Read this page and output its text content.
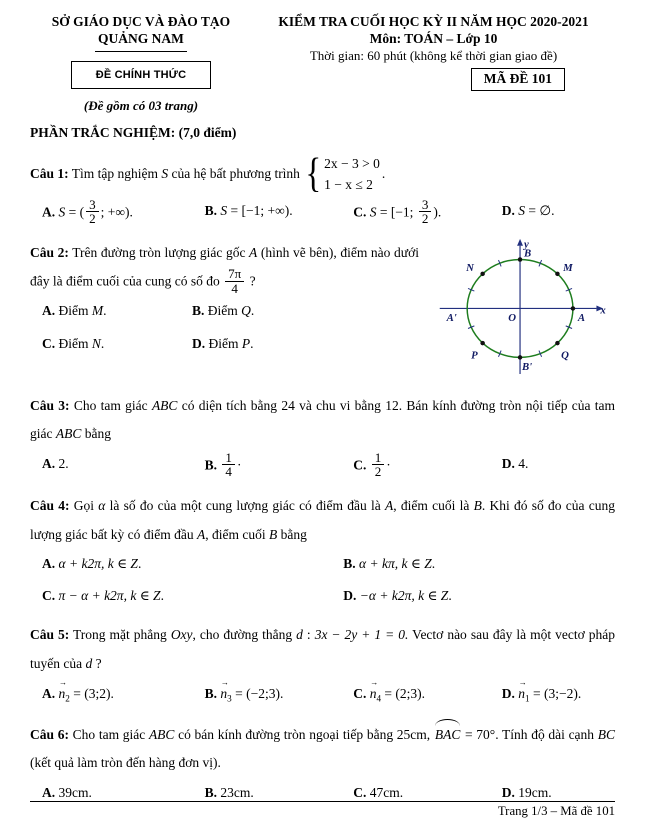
SỞ GIÁO DỤC VÀ ĐÀO TẠO
QUẢNG NAM
ĐỀ CHÍNH THỨC
(Đề gồm có 03 trang)
KIỂM TRA CUỐI HỌC KỲ II NĂM HỌC 2020-2021
Môn: TOÁN – Lớp 10
Thời gian: 60 phút (không kể thời gian giao đề)
MÃ ĐỀ 101
PHẦN TRẮC NGHIỆM: (7,0 điểm)
Câu 1: Tìm tập nghiệm S của hệ bất phương trình { 2x − 3 > 0
1 − x ≤ 2
.
A. S = ( $\frac{3}{2}$ ; +∞).	B. S = [−1; +∞).	C. S = [−1; $\frac{3}{2}$ ).	D. S = ∅.
A
B
A'
B'
M
N
P	Q
O
x
y
Câu 2: Trên đường tròn lượng giác gốc A (hình vẽ bên), điểm nào dưới đây là điểm cuối của cung có số đo $\frac{7\pi}{4}$ ?
A. Điểm M.	B. Điểm Q.
C. Điểm N.	D. Điểm P.
Câu 3: Cho tam giác ABC có diện tích bằng 24 và chu vi bằng 12. Bán kính đường tròn nội tiếp của tam giác ABC bằng
A. 2.	B. $\frac{1}{4}$ ·	C. $\frac{1}{2}$ ·	D. 4.
Câu 4: Gọi α là số đo của một cung lượng giác có điểm đầu là A, điểm cuối là B. Khi đó số đo của cung lượng giác bất kỳ có điểm đầu A, điểm cuối B bằng
A. α + k2π, k ∈ Z.	B. α + kπ, k ∈ Z.
C. π − α + k2π, k ∈ Z.	D. −α + k2π, k ∈ Z.
Câu 5: Trong mặt phẳng Oxy, cho đường thẳng d : 3x − 2y + 1 = 0. Vectơ nào sau đây là một vectơ pháp tuyến của d ?
A. → $n_2$ = (3;2).	B. → $n_3$ = (−2;3).	C. → $n_4$ = (2;3).	D. → $n_1$ = (3;−2).
Câu 6: Cho tam giác ABC có bán kính đường tròn ngoại tiếp bằng 25cm, BAC = 70°. Tính độ dài cạnh BC (kết quả làm tròn đến hàng đơn vị).
A. 39cm.	B. 23cm.	C. 47cm.	D. 19cm.
Trang 1/3 – Mã đề 101
